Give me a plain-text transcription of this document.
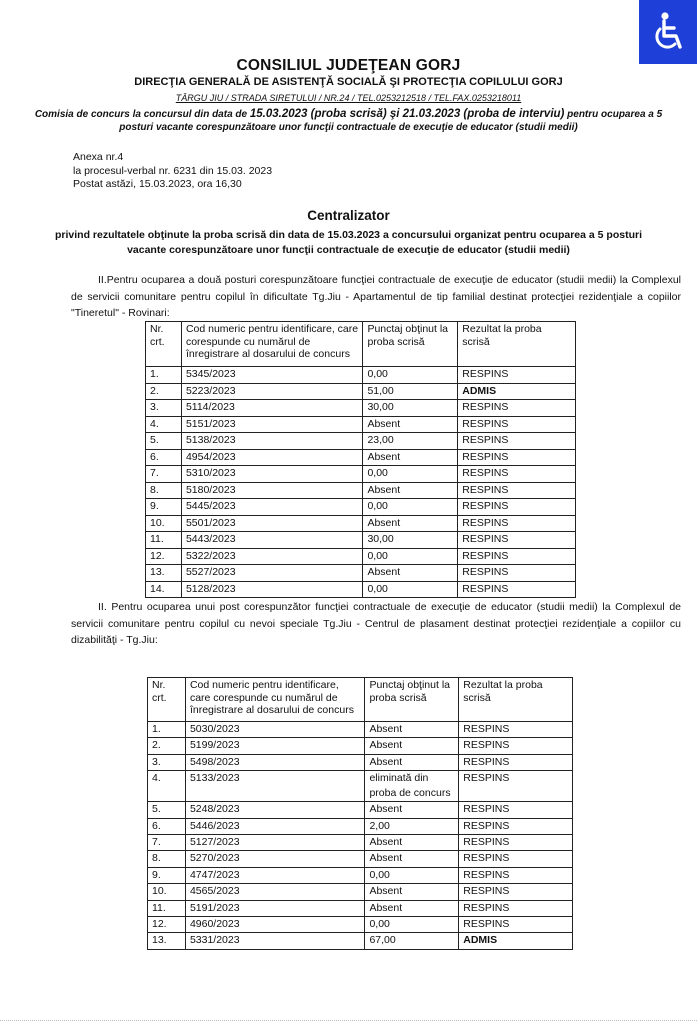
CONSILIUL JUDEŢEAN GORJ
DIRECŢIA GENERALĂ DE ASISTENŢĂ SOCIALĂ ŞI PROTECŢIA COPILULUI GORJ
TÂRGU JIU / STRADA SIRETULUI / NR.24 / TEL.0253212518 / TEL.FAX.0253218011
Comisia de concurs la concursul din data de 15.03.2023 (proba scrisă) şi 21.03.2023 (proba de interviu) pentru ocuparea a 5 posturi vacante corespunzătoare unor funcţii contractuale de execuţie de educator (studii medii)
Anexa nr.4
la procesul-verbal nr. 6231 din 15.03. 2023
Postat astăzi, 15.03.2023, ora 16,30
Centralizator
privind rezultatele obţinute la proba scrisă din data de 15.03.2023 a concursului organizat pentru ocuparea a 5 posturi vacante corespunzătoare unor funcţii contractuale de execuţie de educator (studii medii)
II.Pentru ocuparea a două posturi corespunzătoare funcţiei contractuale de execuţie de educator (studii medii) la Complexul de servicii comunitare pentru copilul în dificultate Tg.Jiu - Apartamentul de tip familial destinat protecţiei rezidenţiale a copiilor "Tineretul" - Rovinari:
Nr. crt.	Cod numeric pentru identificare, care corespunde cu numărul de înregistrare al dosarului de concurs	Punctaj obţinut la proba scrisă	Rezultat la proba scrisă
1.	5345/2023	0,00	RESPINS
2.	5223/2023	51,00	ADMIS
3.	5114/2023	30,00	RESPINS
4.	5151/2023	Absent	RESPINS
5.	5138/2023	23,00	RESPINS
6.	4954/2023	Absent	RESPINS
7.	5310/2023	0,00	RESPINS
8.	5180/2023	Absent	RESPINS
9.	5445/2023	0,00	RESPINS
10.	5501/2023	Absent	RESPINS
11.	5443/2023	30,00	RESPINS
12.	5322/2023	0,00	RESPINS
13.	5527/2023	Absent	RESPINS
14.	5128/2023	0,00	RESPINS
II. Pentru ocuparea unui post corespunzător funcţiei contractuale de execuţie de educator (studii medii) la Complexul de servicii comunitare pentru copilul cu nevoi speciale Tg.Jiu - Centrul de plasament destinat protecţiei rezidenţiale a copiilor cu dizabilităţi - Tg.Jiu:
Nr. crt.	Cod numeric pentru identificare, care corespunde cu numărul de înregistrare al dosarului de concurs	Punctaj obţinut la proba scrisă	Rezultat la proba scrisă
1.	5030/2023	Absent	RESPINS
2.	5199/2023	Absent	RESPINS
3.	5498/2023	Absent	RESPINS
4.	5133/2023	eliminată din proba de concurs	RESPINS
5.	5248/2023	Absent	RESPINS
6.	5446/2023	2,00	RESPINS
7.	5127/2023	Absent	RESPINS
8.	5270/2023	Absent	RESPINS
9.	4747/2023	0,00	RESPINS
10.	4565/2023	Absent	RESPINS
11.	5191/2023	Absent	RESPINS
12.	4960/2023	0,00	RESPINS
13.	5331/2023	67,00	ADMIS
